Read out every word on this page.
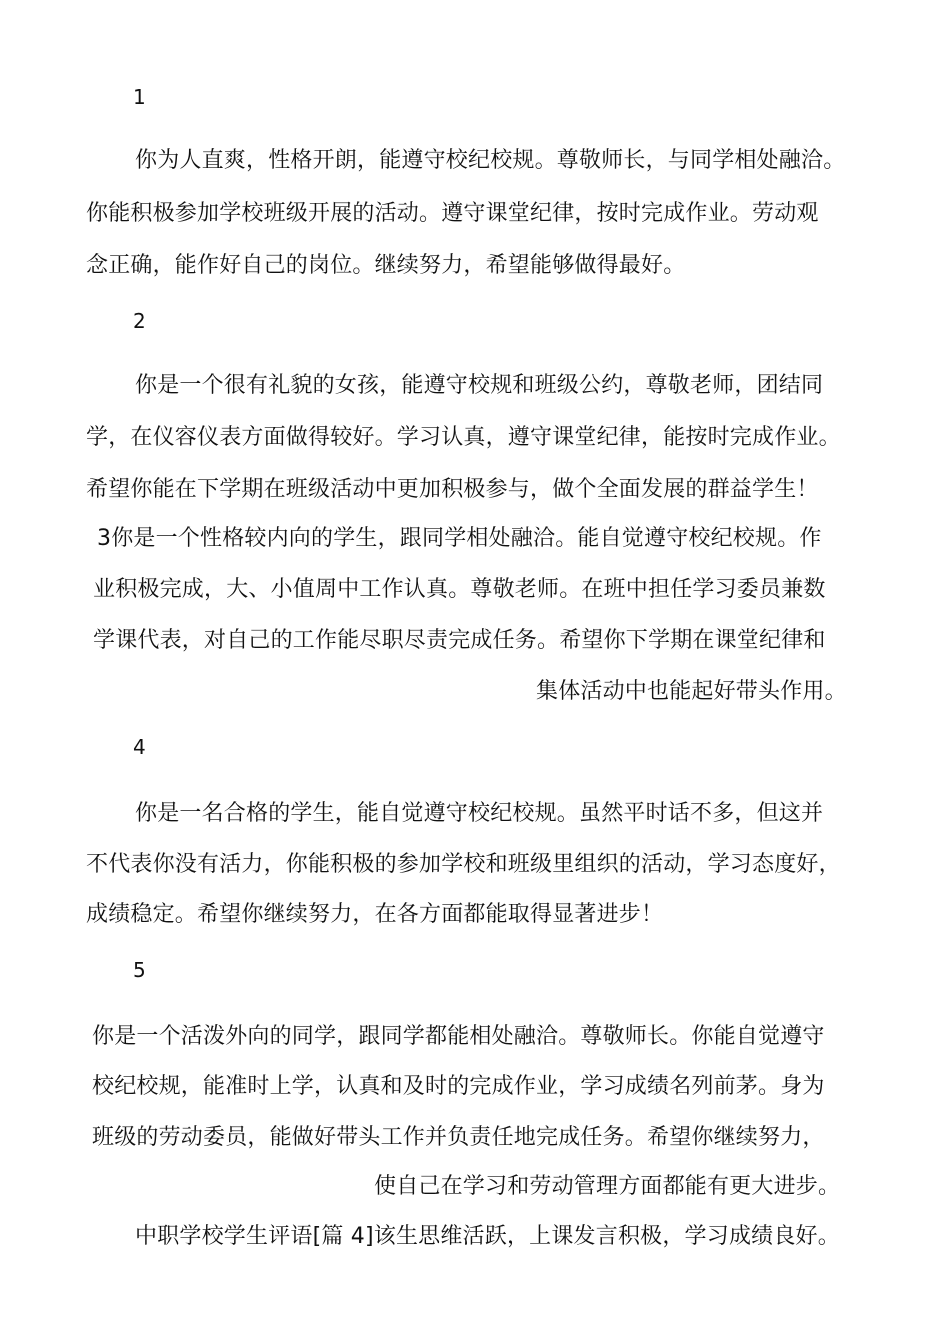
1
你为人直爽，性格开朗，能遵守校纪校规。尊敬师长，与同学相处融洽。
你能积极参加学校班级开展的活动。遵守课堂纪律，按时完成作业。劳动观
念正确，能作好自己的岗位。继续努力，希望能够做得最好。
2
你是一个很有礼貌的女孩，能遵守校规和班级公约，尊敬老师，团结同
学，在仪容仪表方面做得较好。学习认真，遵守课堂纪律，能按时完成作业。
希望你能在下学期在班级活动中更加积极参与，做个全面发展的群益学生！
3你是一个性格较内向的学生，跟同学相处融洽。能自觉遵守校纪校规。作
业积极完成，大、小值周中工作认真。尊敬老师。在班中担任学习委员兼数
学课代表，对自己的工作能尽职尽责完成任务。希望你下学期在课堂纪律和
集体活动中也能起好带头作用。
4
你是一名合格的学生，能自觉遵守校纪校规。虽然平时话不多，但这并
不代表你没有活力，你能积极的参加学校和班级里组织的活动，学习态度好，
成绩稳定。希望你继续努力，在各方面都能取得显著进步！
5
你是一个活泼外向的同学，跟同学都能相处融洽。尊敬师长。你能自觉遵守
校纪校规，能准时上学，认真和及时的完成作业，学习成绩名列前茅。身为
班级的劳动委员，能做好带头工作并负责任地完成任务。希望你继续努力，
使自己在学习和劳动管理方面都能有更大进步。
中职学校学生评语[篇 4]该生思维活跃，上课发言积极，学习成绩良好。
